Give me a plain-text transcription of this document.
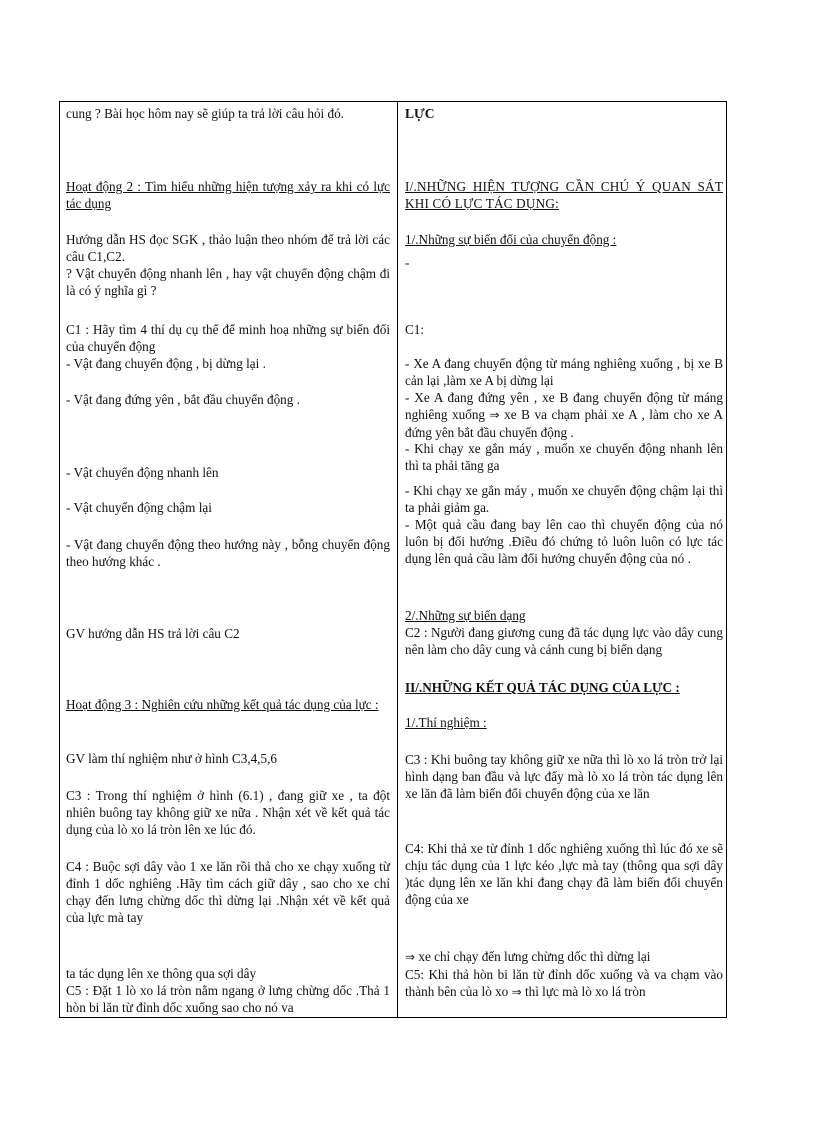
cung ? Bài học hôm nay sẽ giúp ta trả lời câu hỏi đó.

Hoạt động 2 : Tìm hiểu những hiện tượng xảy ra khi có lực tác dụng

Hướng dẫn HS đọc SGK , thảo luận theo nhóm để trả lời các câu C1,C2.

? Vật chuyển động nhanh lên , hay vật chuyển động chậm đi là có ý nghĩa gì ?

C1 : Hãy tìm 4 thí dụ cụ thể để minh hoạ những sự biến đổi của chuyển động

- Vật đang chuyển động , bị dừng lại .

- Vật đang đứng yên , bắt đầu chuyển động .

- Vật chuyển động nhanh lên

- Vật chuyển động chậm lại

- Vật đang chuyển động theo hướng này , bỗng chuyển động theo hướng khác .

GV hướng dẫn HS trả lời câu C2

Hoạt động 3 : Nghiên cứu những kết quả tác dụng của lực :

GV làm thí nghiệm như ở hình C3,4,5,6

C3 : Trong thí nghiệm ở hình (6.1) , đang giữ xe , ta đột nhiên buông tay không giữ xe nữa . Nhận xét về kết quả tác dụng của lò xo lá tròn lên xe lúc đó.

C4 : Buộc sợi dây vào 1 xe lăn rồi thả cho xe chạy xuống từ đỉnh 1 dốc nghiêng .Hãy tìm cách giữ dây , sao cho xe chỉ chạy đến lưng chừng dốc thì dừng lại .Nhận xét về kết quả của lực mà tay

ta tác dụng lên xe thông qua sợi dây

C5 : Đặt 1 lò xo lá tròn nằm ngang ở lưng chừng dốc .Thả 1 hòn bi lăn từ đỉnh dốc xuống sao cho nó va

LỰC

I/.NHỮNG HIỆN TƯỢNG CẦN CHÚ Ý QUAN SÁT KHI CÓ LỰC TÁC DỤNG:

1/.Những sự biến đổi của chuyển động :

-

C1:

- Xe A đang chuyển động từ máng nghiêng xuống , bị xe B cản lại ,làm xe A bị dừng lại

- Xe A đang đứng yên , xe B đang chuyển động từ máng nghiêng xuống ⇒ xe B va chạm phải xe A , làm cho xe A đứng yên bắt đầu chuyển động .

- Khi chạy xe gắn máy , muốn xe chuyển động nhanh lên thì ta phải tăng ga

- Khi chạy xe gắn máy , muốn xe chuyển động chậm lại thì ta phải giảm ga.

- Một quả cầu đang bay lên cao thì chuyển động của nó luôn bị đổi hướng .Điều đó chứng tỏ luôn luôn có lực tác dụng lên quả cầu làm đổi hướng chuyển động của nó .

2/.Những sự biến dạng

C2 : Người đang giương cung đã tác dụng lực vào dây cung nên làm cho dây cung và cánh cung bị biến dạng

II/.NHỮNG KẾT QUẢ TÁC DỤNG CỦA LỰC :

1/.Thí nghiệm :

C3 : Khi buông tay không giữ xe nữa thì lò xo lá tròn trở lại hình dạng ban đầu và lực đẩy mà lò xo lá tròn tác dụng lên xe lăn đã làm biến đổi chuyển động của xe lăn

C4: Khi thả xe từ đỉnh 1 dốc nghiêng xuống thì lúc đó xe sẽ chịu tác dụng của 1 lực kéo ,lực mà tay (thông qua sợi dây )tác dụng lên xe lăn khi đang chạy đã làm biến đổi chuyển động của xe

⇒ xe chỉ chạy đến lưng chừng dốc thì dừng lại

C5: Khi thả hòn bi lăn từ đỉnh dốc xuống và va chạm vào thành bên của lò xo ⇒ thì lực mà lò xo lá tròn
